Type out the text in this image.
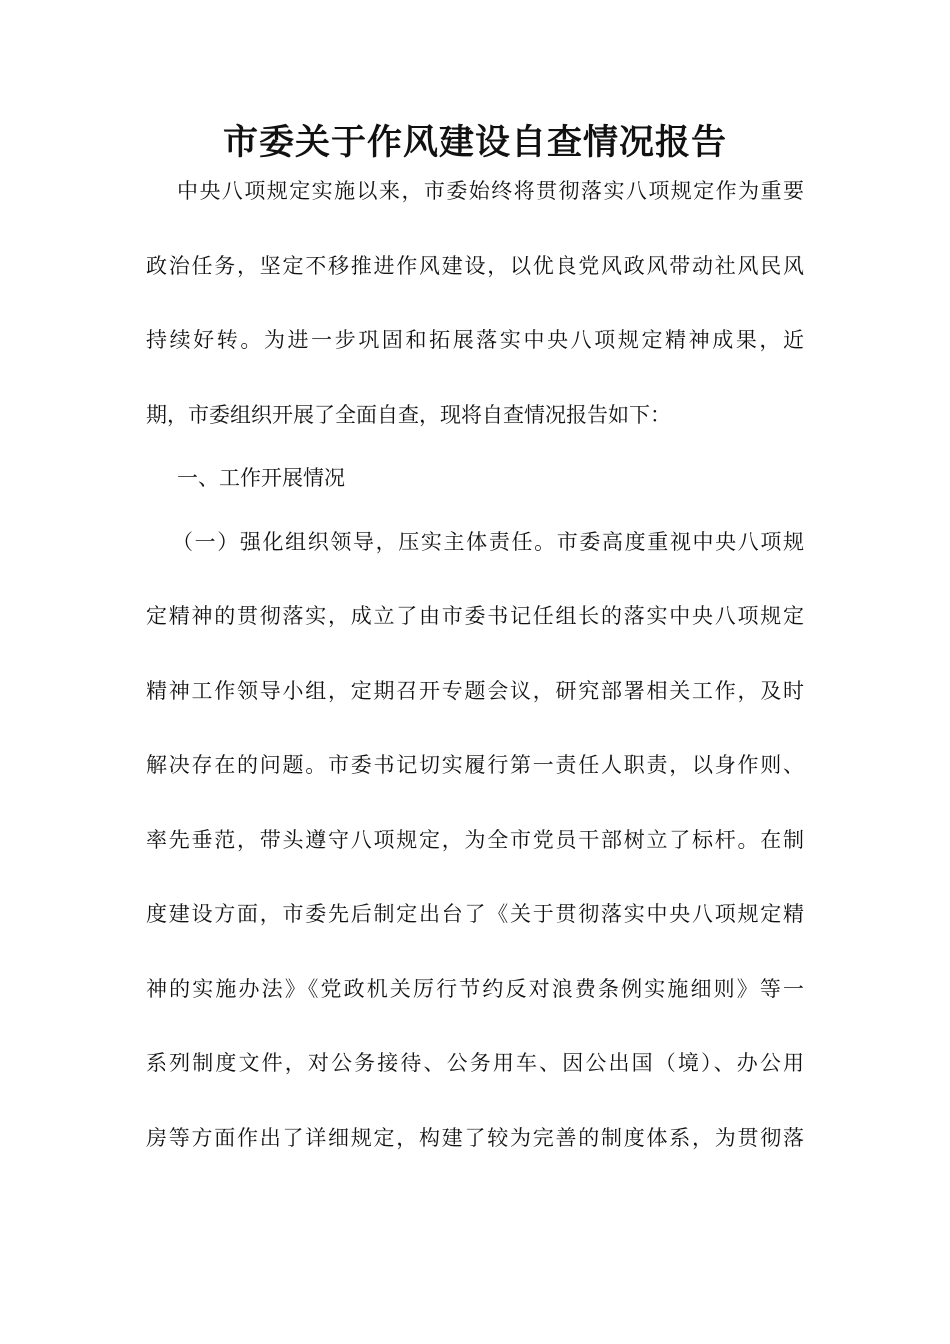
市委关于作风建设自查情况报告

中央八项规定实施以来，市委始终将贯彻落实八项规定作为重要

政治任务，坚定不移推进作风建设，以优良党风政风带动社风民风

持续好转。为进一步巩固和拓展落实中央八项规定精神成果，近

期，市委组织开展了全面自查，现将自查情况报告如下：

一、工作开展情况

（一）强化组织领导，压实主体责任。市委高度重视中央八项规

定精神的贯彻落实，成立了由市委书记任组长的落实中央八项规定

精神工作领导小组，定期召开专题会议，研究部署相关工作，及时

解决存在的问题。市委书记切实履行第一责任人职责，以身作则、

率先垂范，带头遵守八项规定，为全市党员干部树立了标杆。在制

度建设方面，市委先后制定出台了《关于贯彻落实中央八项规定精

神的实施办法》《党政机关厉行节约反对浪费条例实施细则》等一

系列制度文件，对公务接待、公务用车、因公出国（境）、办公用

房等方面作出了详细规定，构建了较为完善的制度体系，为贯彻落
